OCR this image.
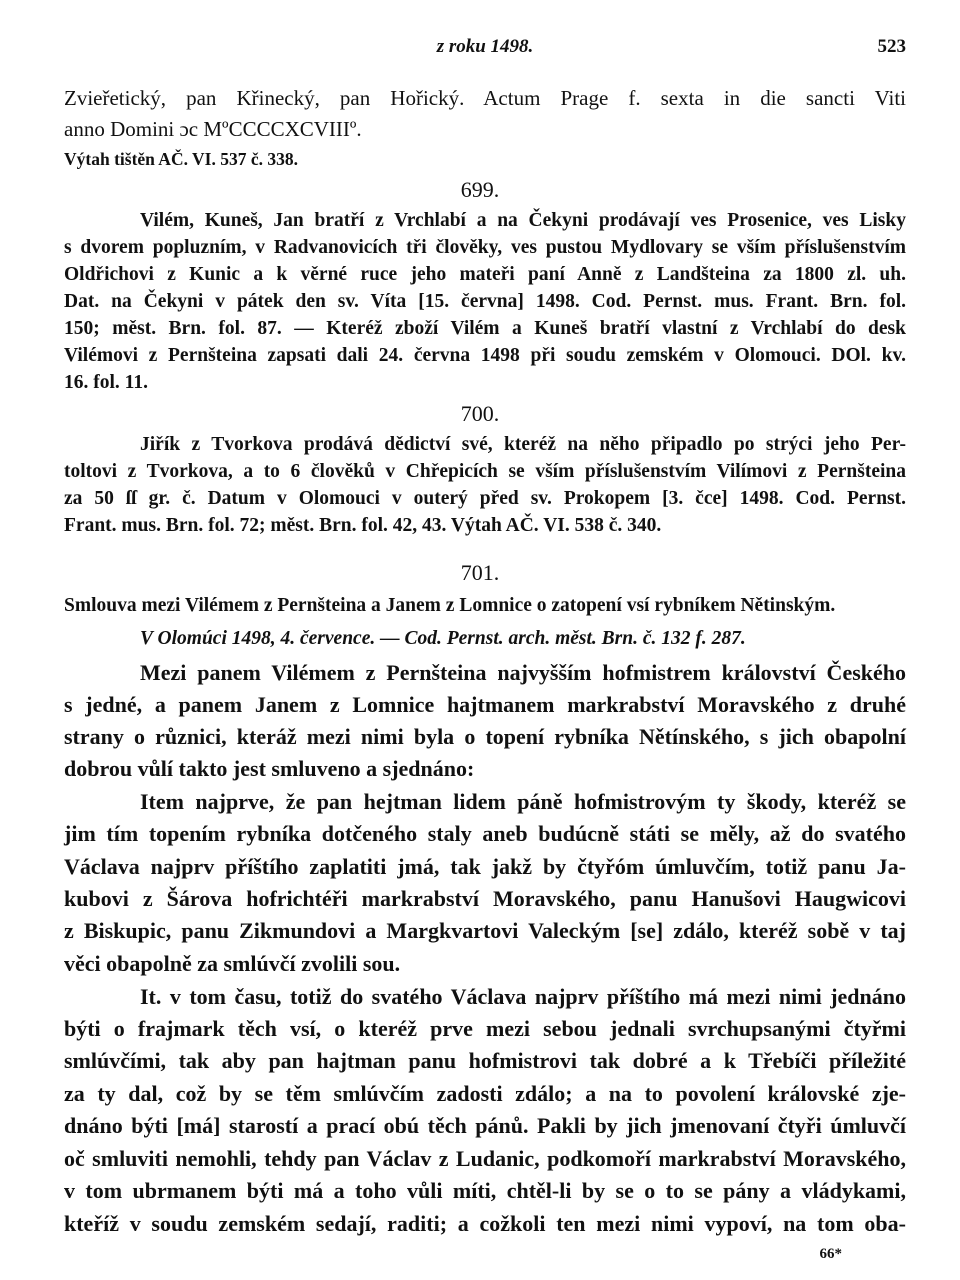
z roku 1498.	523
Zvieřetický, pan Křinecký, pan Hořický. Actum Prage f. sexta in die sancti Viti
anno Domini ɔc MºCCCCXCVIIIº.
Výtah tištěn AČ. VI. 537 č. 338.
699.
Vilém, Kuneš, Jan bratří z Vrchlabí a na Čekyni prodávají ves Prosenice, ves Lisky
s dvorem popluzním, v Radvanovicích tři člověky, ves pustou Mydlovary se vším příslušenstvím
Oldřichovi z Kunic a k věrné ruce jeho mateři paní Anně z Landšteina za 1800 zl. uh.
Dat. na Čekyni v pátek den sv. Víta [15. června] 1498. Cod. Pernst. mus. Frant. Brn. fol.
150; měst. Brn. fol. 87. — Kteréž zboží Vilém a Kuneš bratří vlastní z Vrchlabí do desk
Vilémovi z Pernšteina zapsati dali 24. června 1498 při soudu zemském v Olomouci. DOl. kv.
16. fol. 11.
700.
Jiřík z Tvorkova prodává dědictví své, kteréž na něho připadlo po strýci jeho Per-
toltovi z Tvorkova, a to 6 člověků v Chřepicích se vším příslušenstvím Vilímovi z Pernšteina
za 50 ſſ gr. č. Datum v Olomouci v outerý před sv. Prokopem [3. čce] 1498. Cod. Pernst.
Frant. mus. Brn. fol. 72; měst. Brn. fol. 42, 43. Výtah AČ. VI. 538 č. 340.
701.
Smlouva mezi Vilémem z Pernšteina a Janem z Lomnice o zatopení vsí rybníkem Nětinským.
V Olomúci 1498, 4. července. — Cod. Pernst. arch. měst. Brn. č. 132 f. 287.
Mezi panem Vilémem z Pernšteina najvyšším hofmistrem království Českého
s jedné, a panem Janem z Lomnice hajtmanem markrabství Moravského z druhé
strany o různici, kteráž mezi nimi byla o topení rybníka Nětínského, s jich obapolní
dobrou vůlí takto jest smluveno a sjednáno:
Item najprve, že pan hejtman lidem páně hofmistrovým ty škody, kteréž se
jim tím topením rybníka dotčeného staly aneb budúcně státi se měly, až do svatého
Václava najprv příštího zaplatiti jmá, tak jakž by čtyřóm úmluvčím, totiž panu Ja-
kubovi z Šárova hofrichtéři markrabství Moravského, panu Hanušovi Haugwicovi
z Biskupic, panu Zikmundovi a Margkvartovi Valeckým [se] zdálo, kteréž sobě v taj
věci obapolně za smlúvčí zvolili sou.
It. v tom času, totiž do svatého Václava najprv příštího má mezi nimi jednáno
býti o frajmark těch vsí, o kteréž prve mezi sebou jednali svrchupsanými čtyřmi
smlúvčími, tak aby pan hajtman panu hofmistrovi tak dobré a k Třebíči příležité
za ty dal, což by se těm smlúvčím zadosti zdálo; a na to povolení královské zje-
dnáno býti [má] starostí a prací obú těch pánů. Pakli by jich jmenovaní čtyři úmluvčí
oč smluviti nemohli, tehdy pan Václav z Ludanic, podkomoří markrabství Moravského,
v tom ubrmanem býti má a toho vůli míti, chtěl-li by se o to se pány a vládykami,
kteříž v soudu zemském sedají, raditi; a cožkoli ten mezi nimi vypoví, na tom oba-
66*
